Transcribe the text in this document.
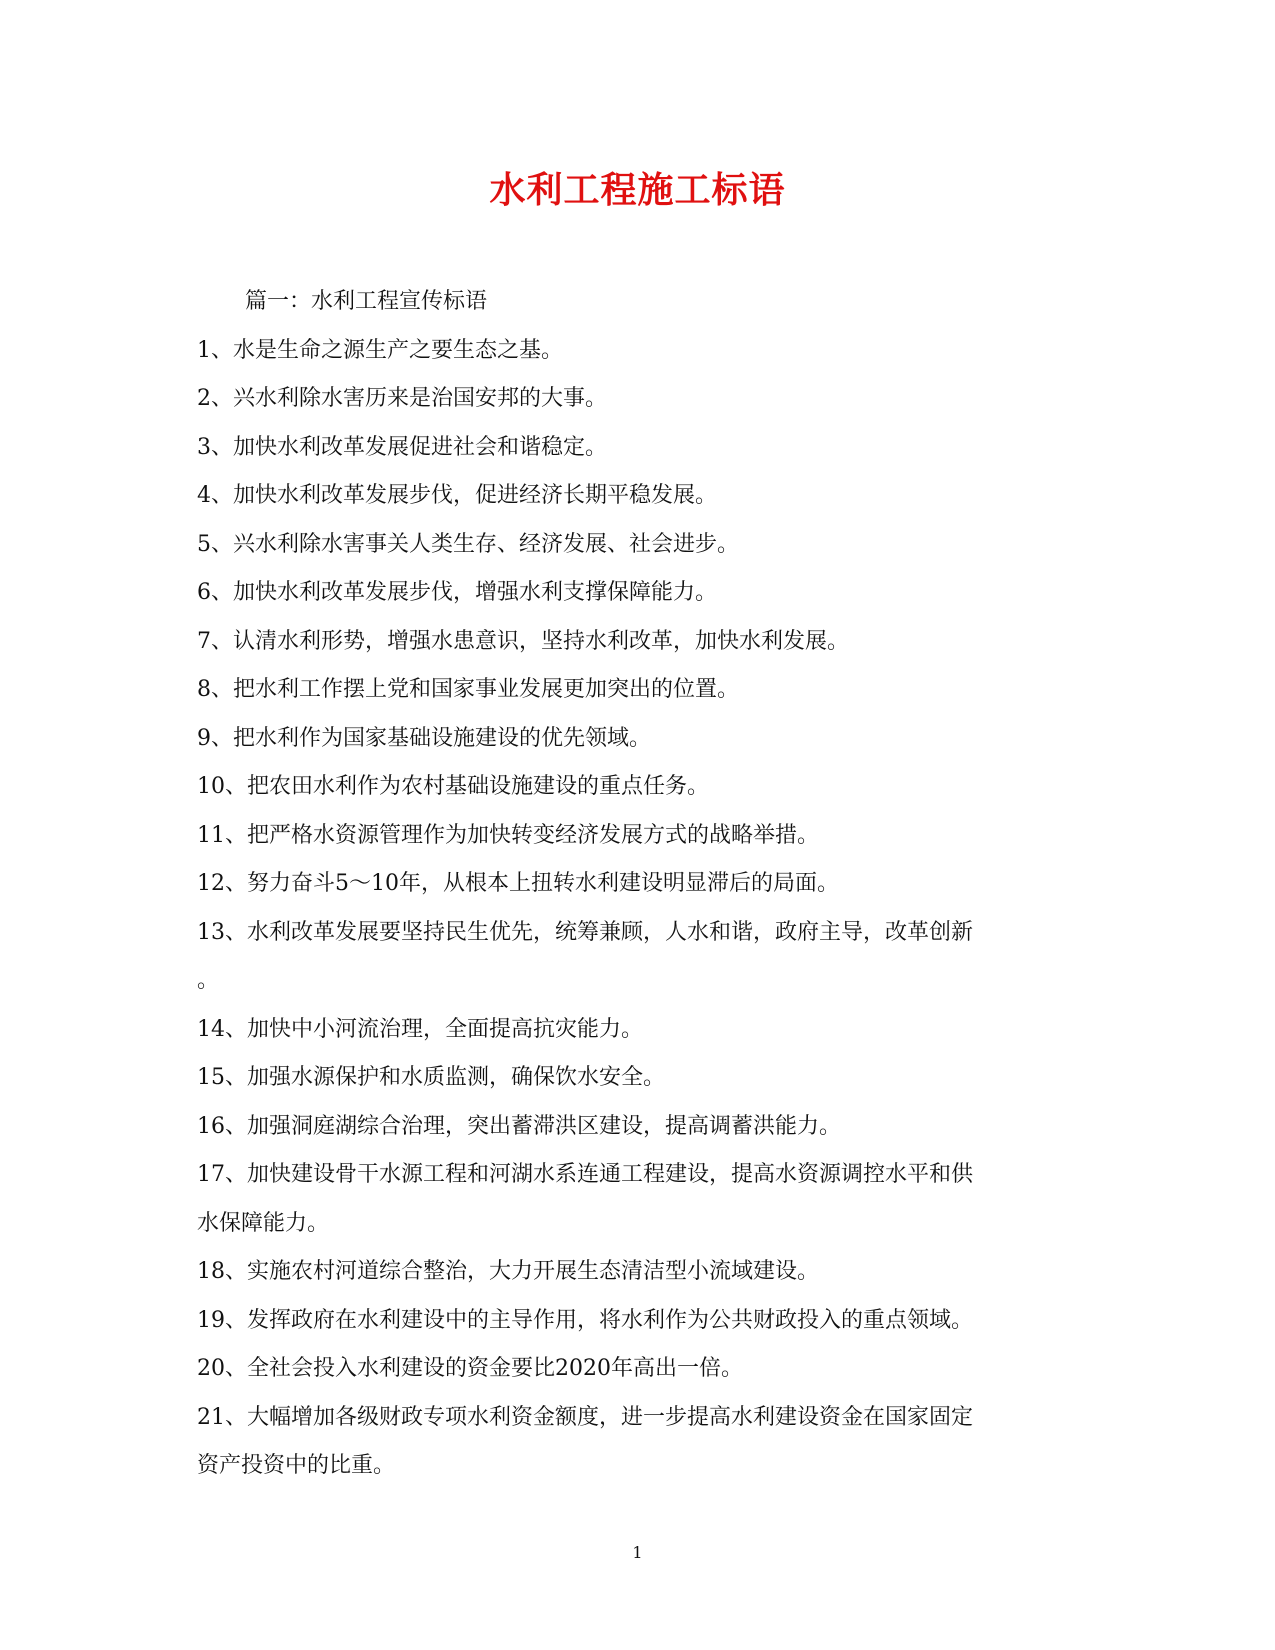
水利工程施工标语
篇一：水利工程宣传标语
1、水是生命之源生产之要生态之基。
2、兴水利除水害历来是治国安邦的大事。
3、加快水利改革发展促进社会和谐稳定。
4、加快水利改革发展步伐，促进经济长期平稳发展。
5、兴水利除水害事关人类生存、经济发展、社会进步。
6、加快水利改革发展步伐，增强水利支撑保障能力。
7、认清水利形势，增强水患意识，坚持水利改革，加快水利发展。
8、把水利工作摆上党和国家事业发展更加突出的位置。
9、把水利作为国家基础设施建设的优先领域。
10、把农田水利作为农村基础设施建设的重点任务。
11、把严格水资源管理作为加快转变经济发展方式的战略举措。
12、努力奋斗5～10年，从根本上扭转水利建设明显滞后的局面。
13、水利改革发展要坚持民生优先，统筹兼顾，人水和谐，政府主导，改革创新
。
14、加快中小河流治理，全面提高抗灾能力。
15、加强水源保护和水质监测，确保饮水安全。
16、加强洞庭湖综合治理，突出蓄滞洪区建设，提高调蓄洪能力。
17、加快建设骨干水源工程和河湖水系连通工程建设，提高水资源调控水平和供
水保障能力。
18、实施农村河道综合整治，大力开展生态清洁型小流域建设。
19、发挥政府在水利建设中的主导作用，将水利作为公共财政投入的重点领域。
20、全社会投入水利建设的资金要比2020年高出一倍。
21、大幅增加各级财政专项水利资金额度，进一步提高水利建设资金在国家固定
资产投资中的比重。
1
